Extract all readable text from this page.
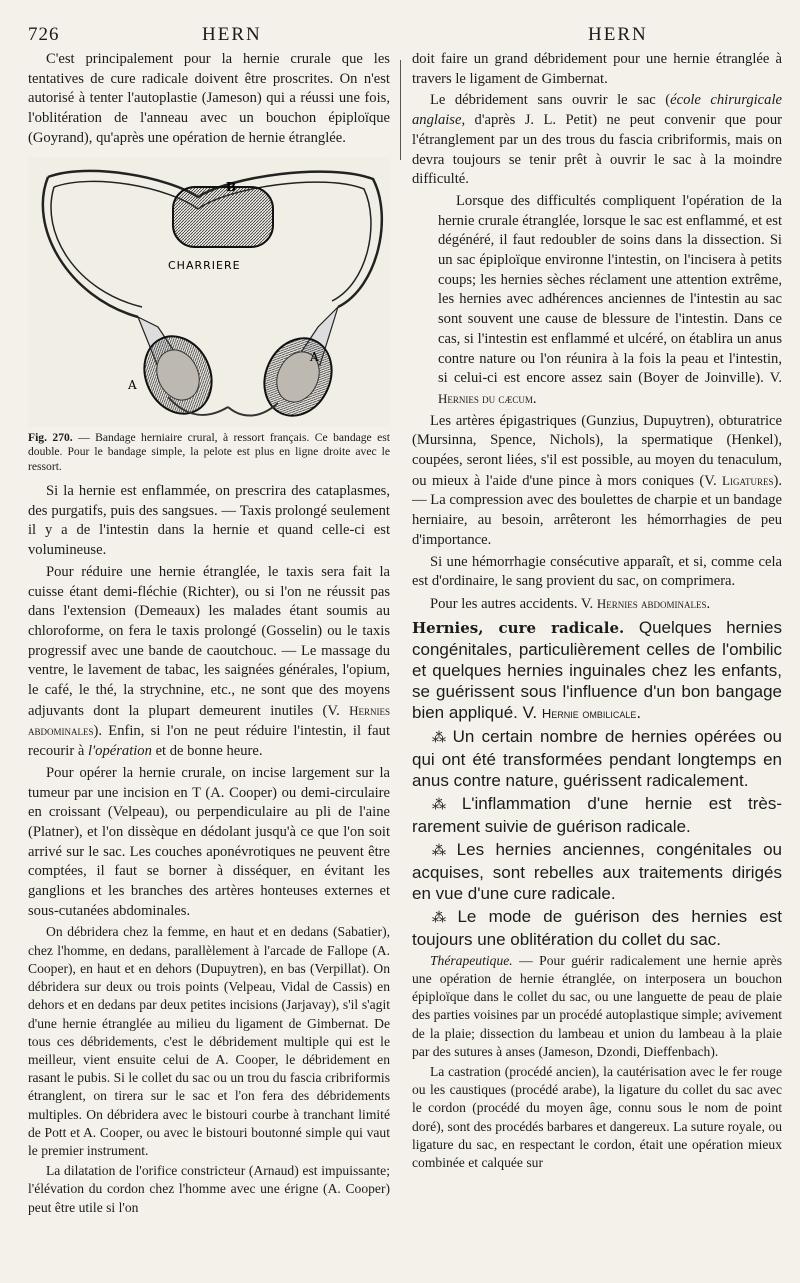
726	HERN	HERN

C'est principalement pour la hernie crurale que les tentatives de cure radicale doivent être proscrites. On n'est autorisé à tenter l'autoplastie (Jameson) qui a réussi une fois, l'oblitération de l'anneau avec un bouchon épiploïque (Goyrand), qu'après une opération de hernie étranglée.

B
CHARRIERE
A
A
Fig. 270. — Bandage herniaire crural, à ressort français. Ce bandage est double. Pour le bandage simple, la pelote est plus en ligne droite avec le ressort.

Si la hernie est enflammée, on prescrira des cataplasmes, des purgatifs, puis des sangsues. — Taxis prolongé seulement il y a de l'intestin dans la hernie et quand celle-ci est volumineuse.

Pour réduire une hernie étranglée, le taxis sera fait la cuisse étant demi-fléchie (Richter), ou si l'on ne réussit pas dans l'extension (Demeaux) les malades étant soumis au chloroforme, on fera le taxis prolongé (Gosselin) ou le taxis progressif avec une bande de caoutchouc. — Le massage du ventre, le lavement de tabac, les saignées générales, l'opium, le café, le thé, la strychnine, etc., ne sont que des moyens adjuvants dont la plupart demeurent inutiles (V. Hernies abdominales). Enfin, si l'on ne peut réduire l'intestin, il faut recourir à l'opération et de bonne heure.

Pour opérer la hernie crurale, on incise largement sur la tumeur par une incision en T (A. Cooper) ou demi-circulaire en croissant (Velpeau), ou perpendiculaire au pli de l'aine (Platner), et l'on dissèque en dédolant jusqu'à ce que l'on soit arrivé sur le sac. Les couches aponévrotiques ne peuvent être comptées, il faut se borner à disséquer, en évitant les ganglions et les branches des artères honteuses externes et sous-cutanées abdominales.

On débridera chez la femme, en haut et en dedans (Sabatier), chez l'homme, en dedans, parallèlement à l'arcade de Fallope (A. Cooper), en haut et en dehors (Dupuytren), en bas (Verpillat). On débridera sur deux ou trois points (Velpeau, Vidal de Cassis) en dehors et en dedans par deux petites incisions (Jarjavay), s'il s'agit d'une hernie étranglée au milieu du ligament de Gimbernat. De tous ces débridements, c'est le débridement multiple qui est le meilleur, vient ensuite celui de A. Cooper, le débridement en rasant le pubis. Si le collet du sac ou un trou du fascia cribriformis étranglent, on tirera sur le sac et l'on fera des débridements multiples. On débridera avec le bistouri courbe à tranchant limité de Pott et A. Cooper, ou avec le bistouri boutonné simple qui vaut le premier instrument.

La dilatation de l'orifice constricteur (Arnaud) est impuissante; l'élévation du cordon chez l'homme avec une érigne (A. Cooper) peut être utile si l'on

doit faire un grand débridement pour une hernie étranglée à travers le ligament de Gimbernat.

Le débridement sans ouvrir le sac (école chirurgicale anglaise, d'après J. L. Petit) ne peut convenir que pour l'étranglement par un des trous du fascia cribriformis, mais on devra toujours se tenir prêt à ouvrir le sac à la moindre difficulté.

Lorsque des difficultés compliquent l'opération de la hernie crurale étranglée, lorsque le sac est enflammé, et est dégénéré, il faut redoubler de soins dans la dissection. Si un sac épiploïque environne l'intestin, on l'incisera à petits coups; les hernies sèches réclament une attention extrême, les hernies avec adhérences anciennes de l'intestin au sac sont souvent une cause de blessure de l'intestin. Dans ce cas, si l'intestin est enflammé et ulcéré, on établira un anus contre nature ou l'on réunira à la fois la peau et l'intestin, si celui-ci est encore assez sain (Boyer de Joinville). V. Hernies du cæcum.

Les artères épigastriques (Gunzius, Dupuytren), obturatrice (Mursinna, Spence, Nichols), la spermatique (Henkel), coupées, seront liées, s'il est possible, au moyen du tenaculum, ou mieux à l'aide d'une pince à mors coniques (V. Ligatures). — La compression avec des boulettes de charpie et un bandage herniaire, au besoin, arrêteront les hémorrhagies de peu d'importance.

Si une hémorrhagie consécutive apparaît, et si, comme cela est d'ordinaire, le sang provient du sac, on comprimera.

Pour les autres accidents. V. Hernies abdominales.

Hernies, cure radicale. Quelques hernies congénitales, particulièrement celles de l'ombilic et quelques hernies inguinales chez les enfants, se guérissent sous l'influence d'un bon bangage bien appliqué. V. Hernie ombilicale.

⁂ Un certain nombre de hernies opérées ou qui ont été transformées pendant longtemps en anus contre nature, guérissent radicalement.

⁂ L'inflammation d'une hernie est très-rarement suivie de guérison radicale.

⁂ Les hernies anciennes, congénitales ou acquises, sont rebelles aux traitements dirigés en vue d'une cure radicale.

⁂ Le mode de guérison des hernies est toujours une oblitération du collet du sac.

Thérapeutique. — Pour guérir radicalement une hernie après une opération de hernie étranglée, on interposera un bouchon épiploïque dans le collet du sac, ou une languette de peau de plaie des parties voisines par un procédé autoplastique simple; avivement de la plaie; dissection du lambeau et union du lambeau à la plaie par des sutures à anses (Jameson, Dzondi, Dieffenbach).

La castration (procédé ancien), la cautérisation avec le fer rouge ou les caustiques (procédé arabe), la ligature du collet du sac avec le cordon (procédé du moyen âge, connu sous le nom de point doré), sont des procédés barbares et dangereux. La suture royale, ou ligature du sac, en respectant le cordon, était une opération mieux combinée et calquée sur
